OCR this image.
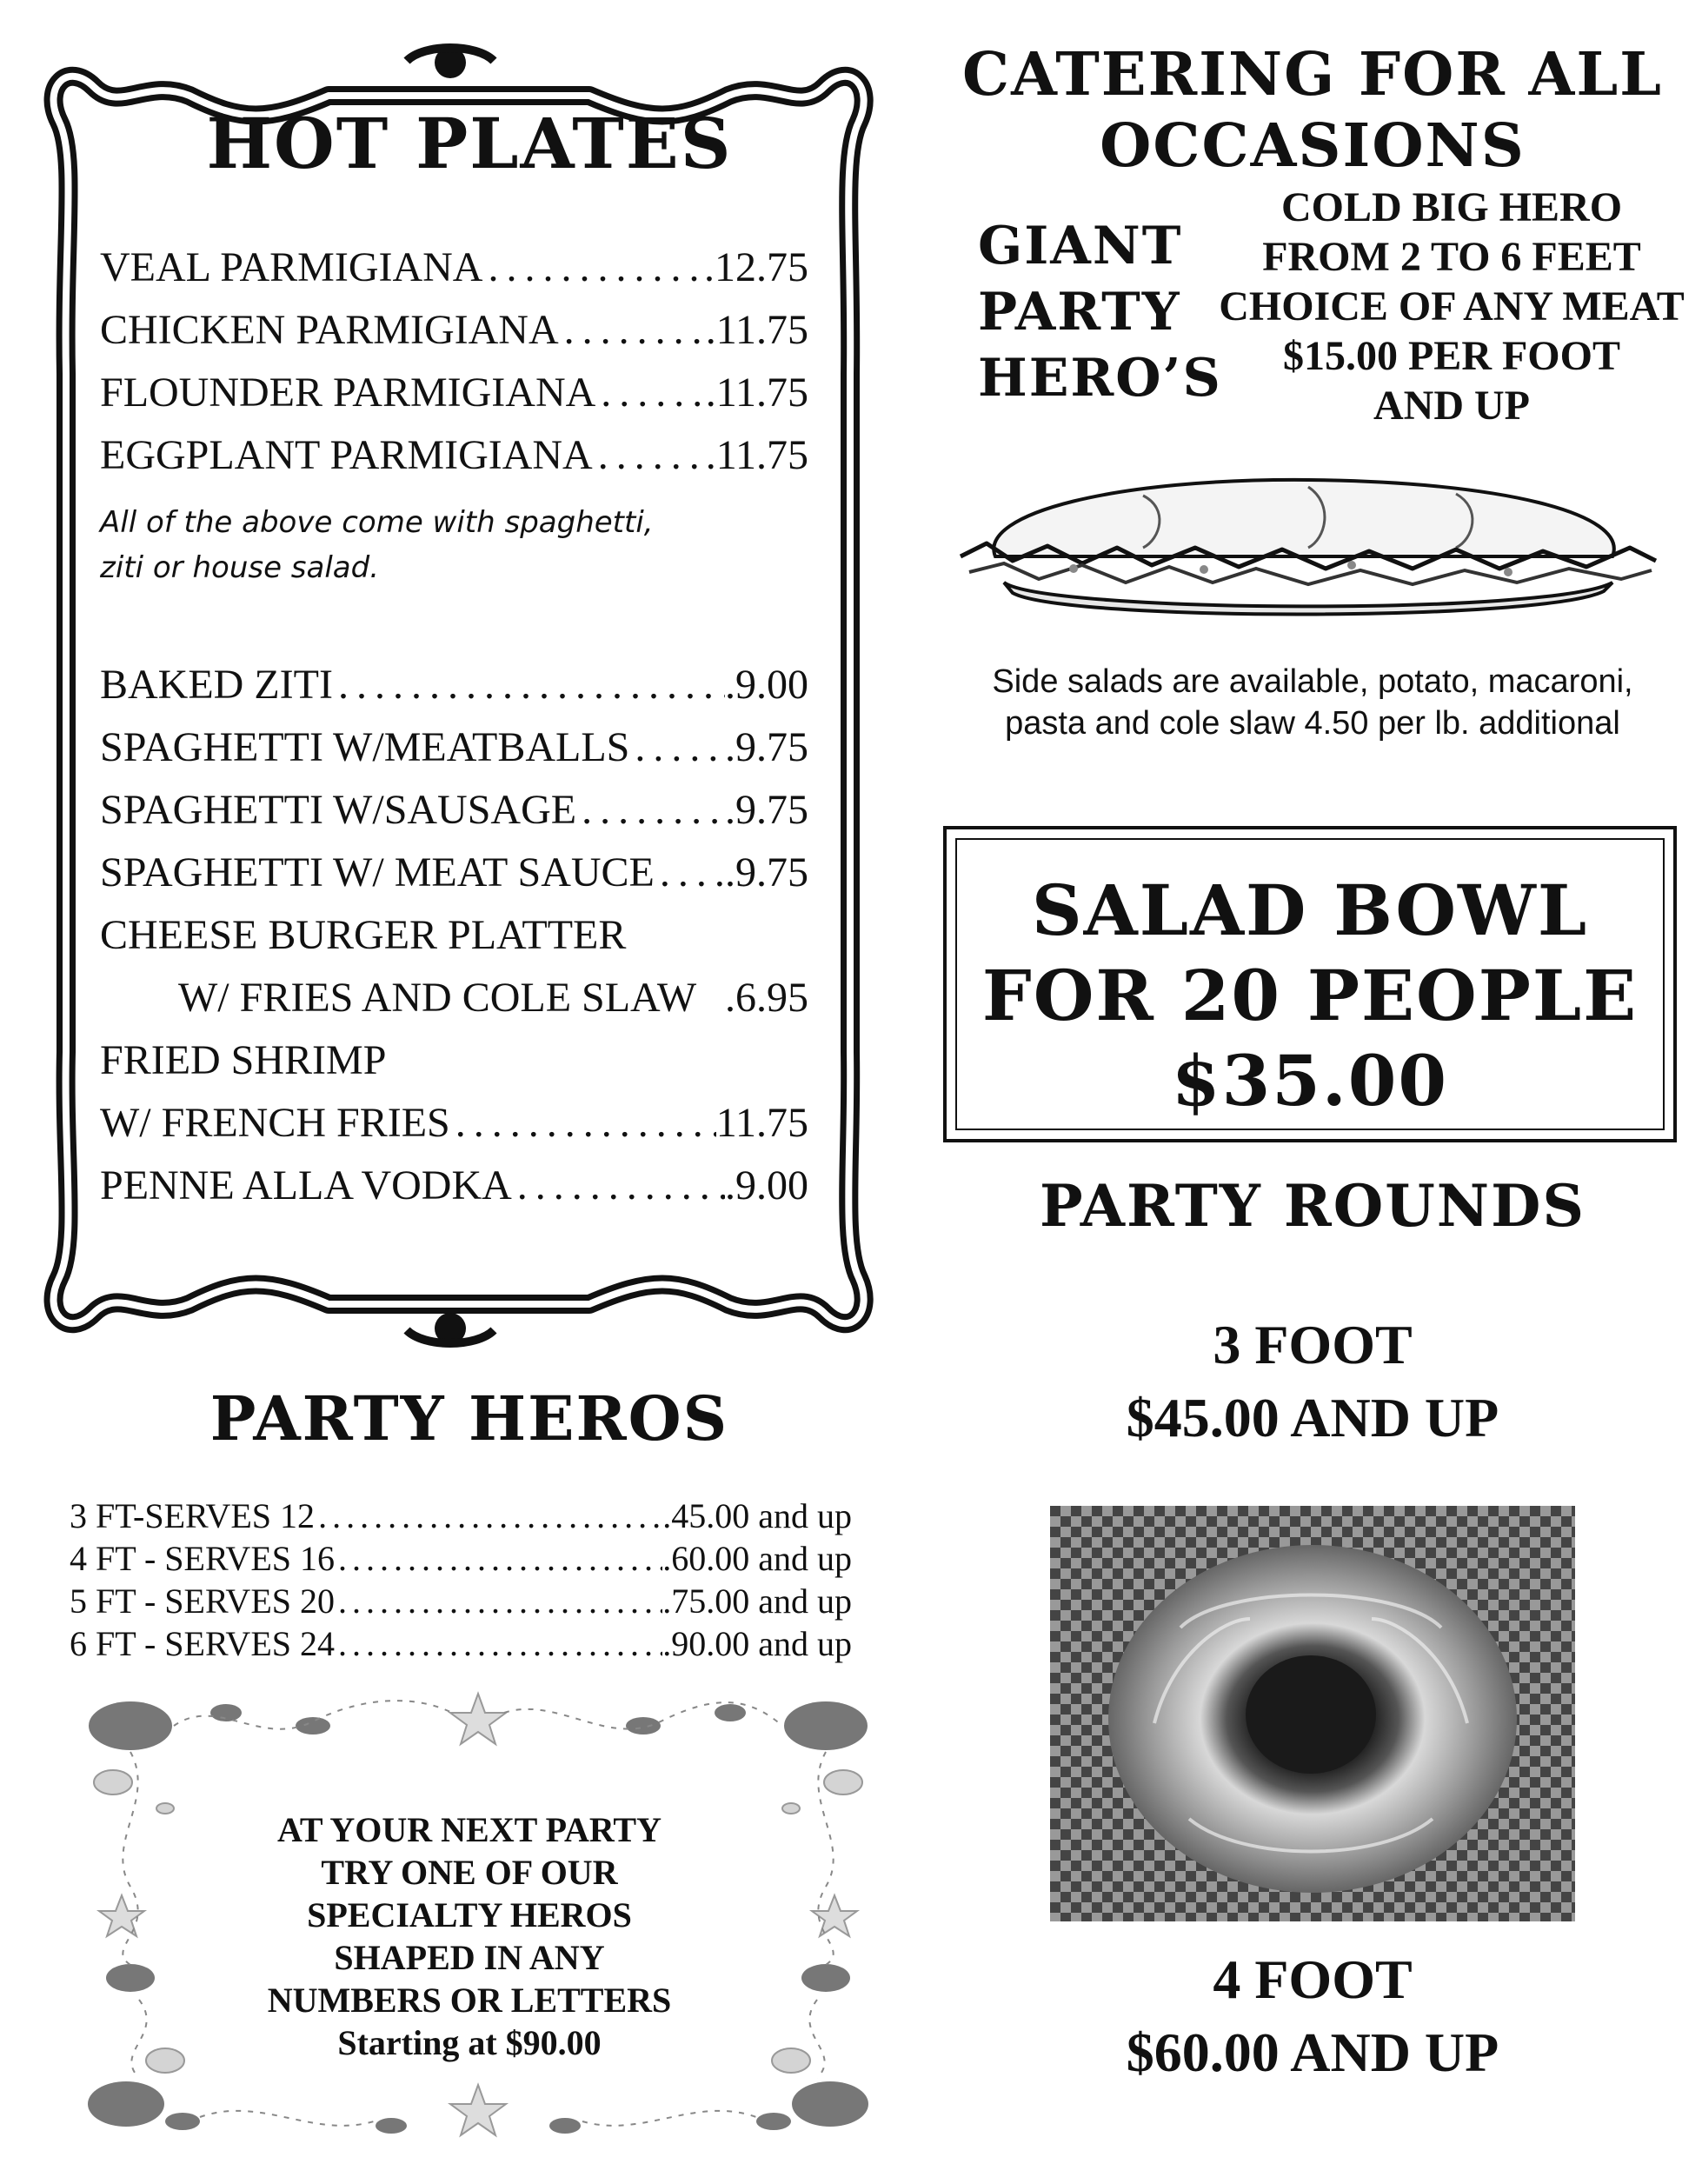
HOT PLATES
VEAL PARMIGIANA .....	.12.75
CHICKEN PARMIGIANA .....	.11.75
FLOUNDER PARMIGIANA .....	.11.75
EGGPLANT PARMIGIANA .....	.11.75
All of the above come with spaghetti,
ziti or house salad.
BAKED ZITI .....	.9.00
SPAGHETTI W/MEATBALLS ..... .9.75
SPAGHETTI W/SAUSAGE .....	.9.75
SPAGHETTI W/ MEAT SAUCE ..... .9.75
CHEESE BURGER PLATTER
W/ FRIES AND COLE SLAW .6.95
FRIED SHRIMP
W/ FRENCH FRIES .....	11.75
PENNE ALLA VODKA .....	.9.00
PARTY HEROS
3 FT-SERVES 12 .....	.45.00 and up
4 FT - SERVES 16 .....	.60.00 and up
5 FT - SERVES 20 .....	.75.00 and up
6 FT - SERVES 24 .....	.90.00 and up
AT YOUR NEXT PARTY
TRY ONE OF OUR
SPECIALTY HEROS
SHAPED IN ANY
NUMBERS OR LETTERS
Starting at $90.00
CATERING FOR ALL
OCCASIONS
GIANT
PARTY
HERO’S
COLD BIG HERO
FROM 2 TO 6 FEET
CHOICE OF ANY MEAT
$15.00 PER FOOT
AND UP
Side salads are available, potato, macaroni,
pasta and cole slaw 4.50 per lb. additional
SALAD BOWL
FOR 20 PEOPLE
$35.00
PARTY ROUNDS
3 FOOT
$45.00 AND UP
4 FOOT
$60.00 AND UP
